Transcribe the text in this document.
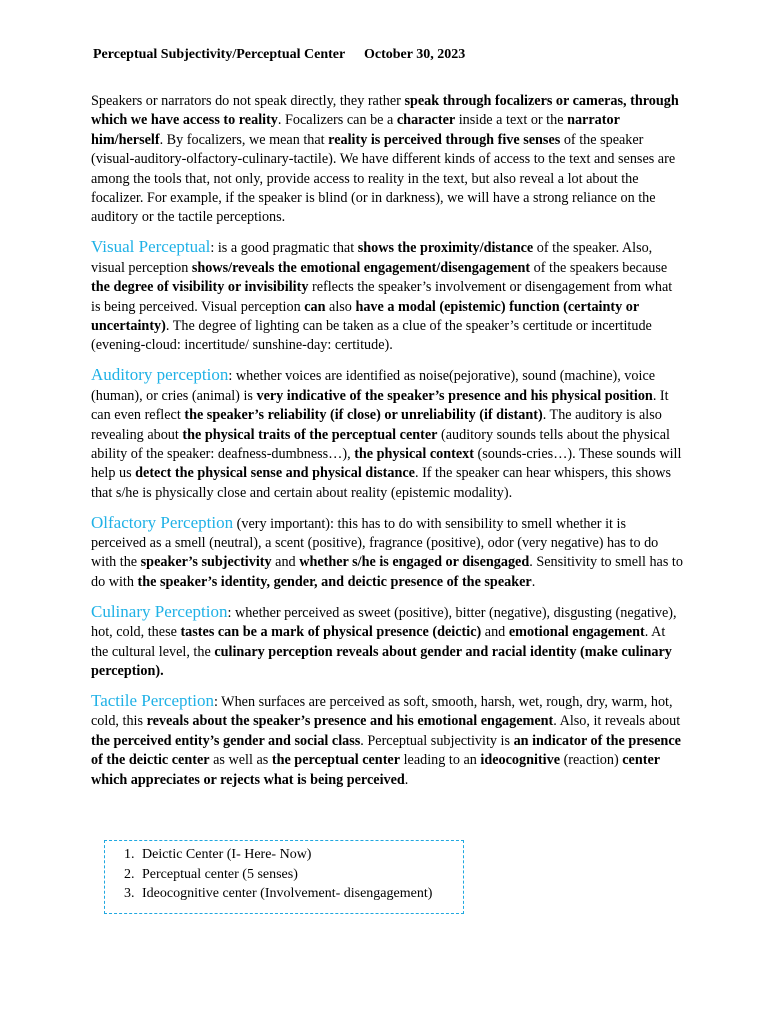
Perceptual Subjectivity/Perceptual Center October 30, 2023

Speakers or narrators do not speak directly, they rather speak through focalizers or cameras, through which we have access to reality. Focalizers can be a character inside a text or the narrator him/herself. By focalizers, we mean that reality is perceived through five senses of the speaker (visual-auditory-olfactory-culinary-tactile). We have different kinds of access to the text and senses are among the tools that, not only, provide access to reality in the text, but also reveal a lot about the focalizer. For example, if the speaker is blind (or in darkness), we will have a strong reliance on the auditory or the tactile perceptions.

Visual Perceptual: is a good pragmatic that shows the proximity/distance of the speaker. Also, visual perception shows/reveals the emotional engagement/disengagement of the speakers because the degree of visibility or invisibility reflects the speaker’s involvement or disengagement from what is being perceived. Visual perception can also have a modal (epistemic) function (certainty or uncertainty). The degree of lighting can be taken as a clue of the speaker’s certitude or incertitude (evening-cloud: incertitude/ sunshine-day: certitude).

Auditory perception: whether voices are identified as noise(pejorative), sound (machine), voice (human), or cries (animal) is very indicative of the speaker’s presence and his physical position. It can even reflect the speaker’s reliability (if close) or unreliability (if distant). The auditory is also revealing about the physical traits of the perceptual center (auditory sounds tells about the physical ability of the speaker: deafness-dumbness…), the physical context (sounds-cries…). These sounds will help us detect the physical sense and physical distance. If the speaker can hear whispers, this shows that s/he is physically close and certain about reality (epistemic modality).

Olfactory Perception (very important): this has to do with sensibility to smell whether it is perceived as a smell (neutral), a scent (positive), fragrance (positive), odor (very negative) has to do with the speaker’s subjectivity and whether s/he is engaged or disengaged. Sensitivity to smell has to do with the speaker’s identity, gender, and deictic presence of the speaker.

Culinary Perception: whether perceived as sweet (positive), bitter (negative), disgusting (negative), hot, cold, these tastes can be a mark of physical presence (deictic) and emotional engagement. At the cultural level, the culinary perception reveals about gender and racial identity (make culinary perception).

Tactile Perception: When surfaces are perceived as soft, smooth, harsh, wet, rough, dry, warm, hot, cold, this reveals about the speaker’s presence and his emotional engagement. Also, it reveals about the perceived entity’s gender and social class. Perceptual subjectivity is an indicator of the presence of the deictic center as well as the perceptual center leading to an ideocognitive (reaction) center which appreciates or rejects what is being perceived.

1. Deictic Center (I- Here- Now)
2. Perceptual center (5 senses)
3. Ideocognitive center (Involvement- disengagement)
